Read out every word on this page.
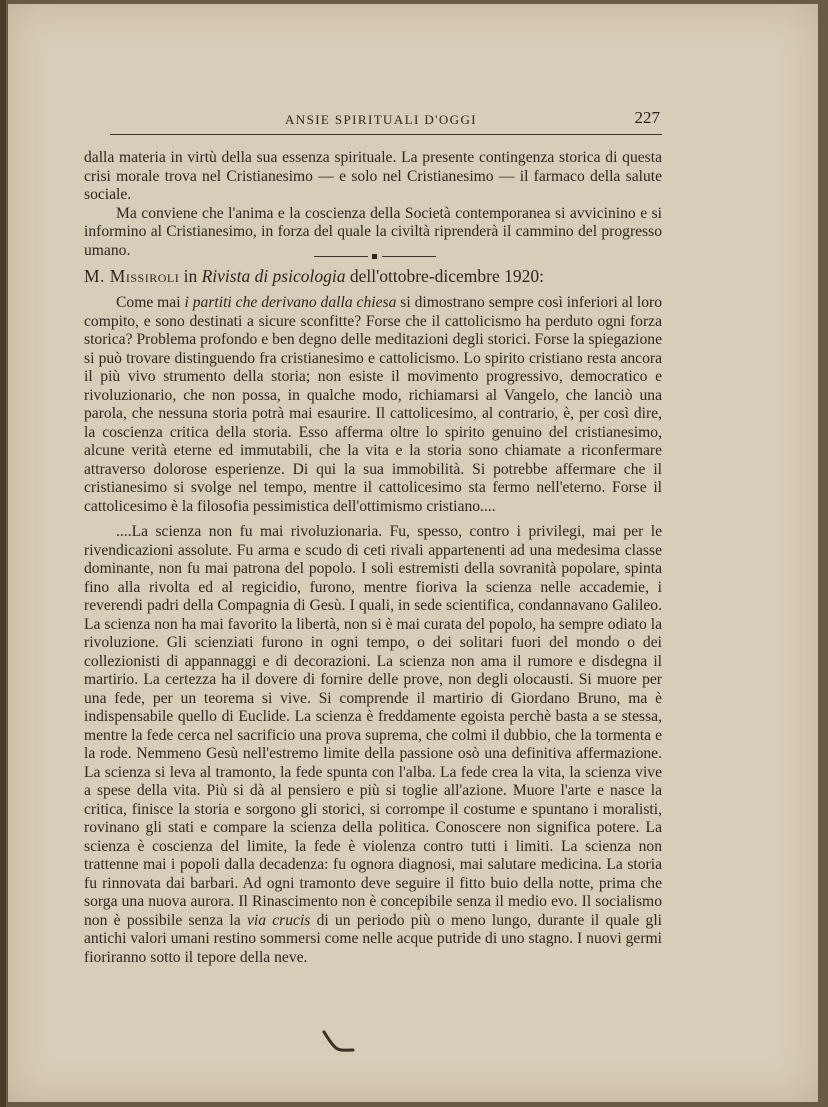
ANSIE SPIRITUALI D'OGGI	227

dalla materia in virtù della sua essenza spirituale. La presente contingenza storica di questa crisi morale trova nel Cristianesimo — e solo nel Cristianesimo — il farmaco della salute sociale.

Ma conviene che l'anima e la coscienza della Società contemporanea si avvicinino e si informino al Cristianesimo, in forza del quale la civiltà riprenderà il cammino del progresso umano.

M. Missiroli in Rivista di psicologia dell'ottobre-dicembre 1920:

Come mai i partiti che derivano dalla chiesa si dimostrano sempre così inferiori al loro compito, e sono destinati a sicure sconfitte? Forse che il cattolicismo ha perduto ogni forza storica? Problema profondo e ben degno delle meditazioni degli storici. Forse la spiegazione si può trovare distinguendo fra cristianesimo e cattolicismo. Lo spirito cristiano resta ancora il più vivo strumento della storia; non esiste il movimento progressivo, democratico e rivoluzionario, che non possa, in qualche modo, richiamarsi al Vangelo, che lanciò una parola, che nessuna storia potrà mai esaurire. Il cattolicesimo, al contrario, è, per così dire, la coscienza critica della storia. Esso afferma oltre lo spirito genuino del cristianesimo, alcune verità eterne ed immutabili, che la vita e la storia sono chiamate a riconfermare attraverso dolorose esperienze. Di qui la sua immobilità. Si potrebbe affermare che il cristianesimo si svolge nel tempo, mentre il cattolicesimo sta fermo nell'eterno. Forse il cattolicesimo è la filosofia pessimistica dell'ottimismo cristiano....

....La scienza non fu mai rivoluzionaria. Fu, spesso, contro i privilegi, mai per le rivendicazioni assolute. Fu arma e scudo di ceti rivali appartenenti ad una medesima classe dominante, non fu mai patrona del popolo. I soli estremisti della sovranità popolare, spinta fino alla rivolta ed al regicidio, furono, mentre fioriva la scienza nelle accademie, i reverendi padri della Compagnia di Gesù. I quali, in sede scientifica, condannavano Galileo. La scienza non ha mai favorito la libertà, non si è mai curata del popolo, ha sempre odiato la rivoluzione. Gli scienziati furono in ogni tempo, o dei solitari fuori del mondo o dei collezionisti di appannaggi e di decorazioni. La scienza non ama il rumore e disdegna il martirio. La certezza ha il dovere di fornire delle prove, non degli olocausti. Si muore per una fede, per un teorema si vive. Si comprende il martirio di Giordano Bruno, ma è indispensabile quello di Euclide. La scienza è freddamente egoista perchè basta a se stessa, mentre la fede cerca nel sacrificio una prova suprema, che colmi il dubbio, che la tormenta e la rode. Nemmeno Gesù nell'estremo limite della passione osò una definitiva affermazione. La scienza si leva al tramonto, la fede spunta con l'alba. La fede crea la vita, la scienza vive a spese della vita. Più si dà al pensiero e più si toglie all'azione. Muore l'arte e nasce la critica, finisce la storia e sorgono gli storici, si corrompe il costume e spuntano i moralisti, rovinano gli stati e compare la scienza della politica. Conoscere non significa potere. La scienza è coscienza del limite, la fede è violenza contro tutti i limiti. La scienza non trattenne mai i popoli dalla decadenza: fu ognora diagnosi, mai salutare medicina. La storia fu rinnovata dai barbari. Ad ogni tramonto deve seguire il fitto buio della notte, prima che sorga una nuova aurora. Il Rinascimento non è concepibile senza il medio evo. Il socialismo non è possibile senza la via crucis di un periodo più o meno lungo, durante il quale gli antichi valori umani restino sommersi come nelle acque putride di uno stagno. I nuovi germi fioriranno sotto il tepore della neve.
